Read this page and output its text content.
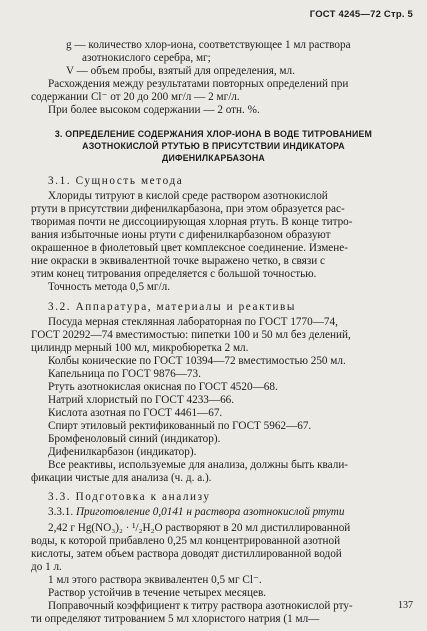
ГОСТ 4245—72 Стр. 5
g — количество хлор-иона, соответствующее 1 мл раствора
азотнокислого серебра, мг;
V — объем пробы, взятый для определения, мл.
Расхождения между результатами повторных определений при
содержании Cl⁻ от 20 до 200 мг/л — 2 мг/л.
При более высоком содержании — 2 отн. %.
3. ОПРЕДЕЛЕНИЕ СОДЕРЖАНИЯ ХЛОР-ИОНА В ВОДЕ ТИТРОВАНИЕМ
АЗОТНОКИСЛОЙ РТУТЬЮ В ПРИСУТСТВИИ ИНДИКАТОРА
ДИФЕНИЛКАРБАЗОНА
3.1. Сущность метода
Хлориды титруют в кислой среде раствором азотнокислой
ртути в присутствии дифенилкарбазона, при этом образуется рас-
творимая почти не диссоциирующая хлорная ртуть. В конце титро-
вания избыточные ионы ртути с дифенилкарбазоном образуют
окрашенное в фиолетовый цвет комплексное соединение. Измене-
ние окраски в эквивалентной точке выражено четко, в связи с
этим конец титрования определяется с большой точностью.
Точность метода 0,5 мг/л.
3.2. Аппаратура, материалы и реактивы
Посуда мерная стеклянная лабораторная по ГОСТ 1770—74,
ГОСТ 20292—74 вместимостью: пипетки 100 и 50 мл без делений,
цилиндр мерный 100 мл, микробюретка 2 мл.
Колбы конические по ГОСТ 10394—72 вместимостью 250 мл.
Капельница по ГОСТ 9876—73.
Ртуть азотнокислая окисная по ГОСТ 4520—68.
Натрий хлористый по ГОСТ 4233—66.
Кислота азотная по ГОСТ 4461—67.
Спирт этиловый ректификованный по ГОСТ 5962—67.
Бромфеноловый синий (индикатор).
Дифенилкарбазон (индикатор).
Все реактивы, используемые для анализа, должны быть квали-
фикации чистые для анализа (ч. д. а.).
3.3. Подготовка к анализу
3.3.1. Приготовление 0,0141 н раствора азотнокислой ртути
2,42 г Hg(NO₃)₂ · ¹/₂H₂O растворяют в 20 мл дистиллированной
воды, к которой прибавлено 0,25 мл концентрированной азотной
кислоты, затем объем раствора доводят дистиллированной водой
до 1 л.
1 мл этого раствора эквивалентен 0,5 мг Cl⁻.
Раствор устойчив в течение четырех месяцев.
Поправочный коэффициент к титру раствора азотнокислой рту-
ти определяют титрованием 5 мл хлористого натрия (1 мл—
137
